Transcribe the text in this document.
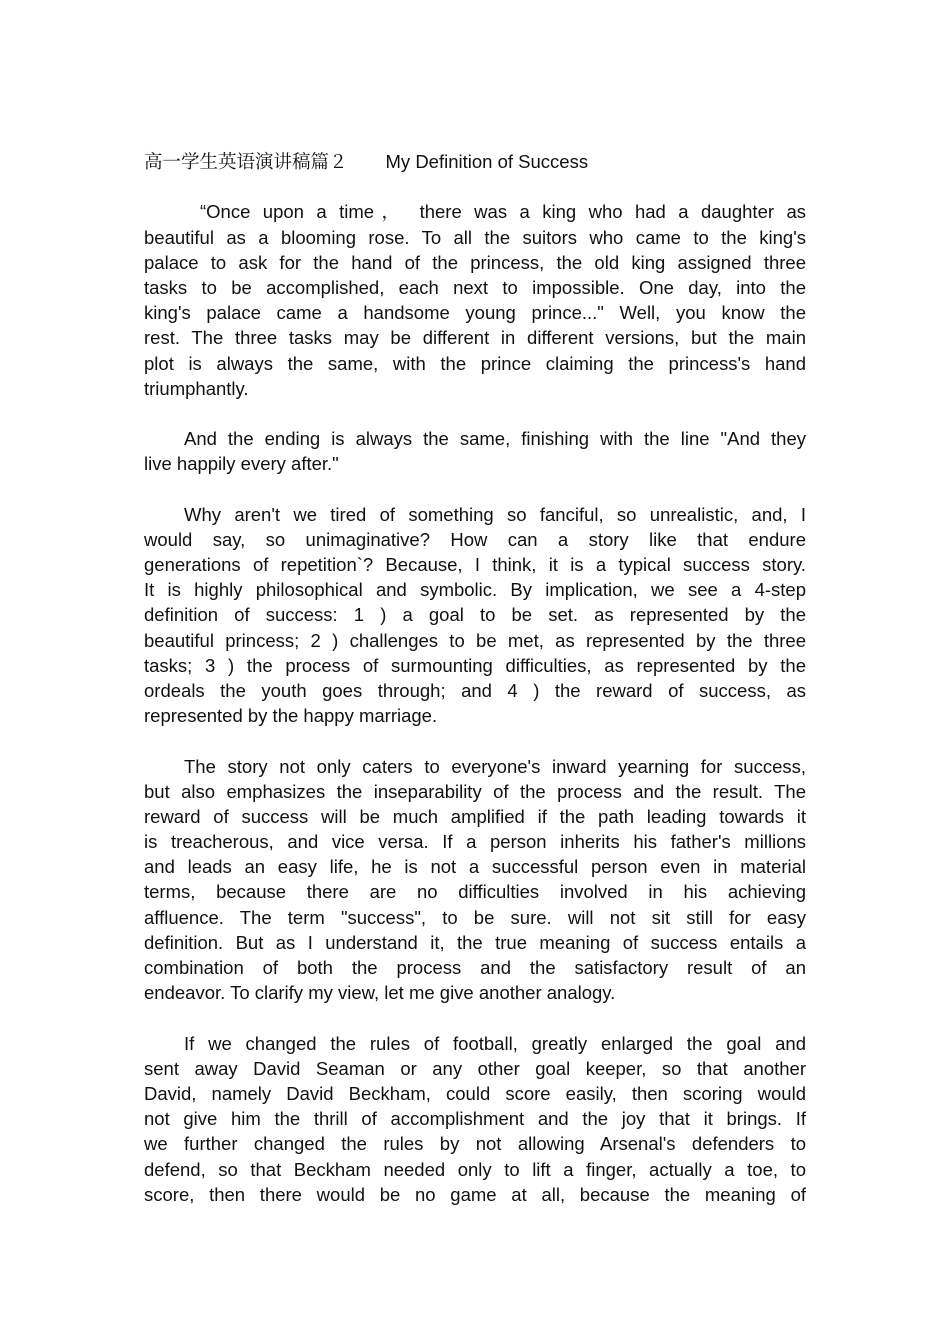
高一学生英语演讲稿篇２ My Definition of Success
“Once upon a time， there was a king who had a daughter as
beautiful as a blooming rose. To all the suitors who came to the king's
palace to ask for the hand of the princess, the old king assigned three
tasks to be accomplished, each next to impossible. One day, into the
king's palace came a handsome young prince..." Well, you know the
rest. The three tasks may be different in different versions, but the main
plot is always the same, with the prince claiming the princess's hand
triumphantly.
And the ending is always the same, finishing with the line "And they
live happily every after."
Why aren't we tired of something so fanciful, so unrealistic, and, I
would say, so unimaginative? How can a story like that endure
generations of repetition`? Because, I think, it is a typical success story.
It is highly philosophical and symbolic. By implication, we see a 4-step
definition of success: 1 ) a goal to be set. as represented by the
beautiful princess; 2 ) challenges to be met, as represented by the three
tasks; 3 ) the process of surmounting difficulties, as represented by the
ordeals the youth goes through; and 4 ) the reward of success, as
represented by the happy marriage.
The story not only caters to everyone's inward yearning for success,
but also emphasizes the inseparability of the process and the result. The
reward of success will be much amplified if the path leading towards it
is treacherous, and vice versa. If a person inherits his father's millions
and leads an easy life, he is not a successful person even in material
terms, because there are no difficulties involved in his achieving
affluence. The term "success", to be sure. will not sit still for easy
definition. But as I understand it, the true meaning of success entails a
combination of both the process and the satisfactory result of an
endeavor. To clarify my view, let me give another analogy.
If we changed the rules of football, greatly enlarged the goal and
sent away David Seaman or any other goal keeper, so that another
David, namely David Beckham, could score easily, then scoring would
not give him the thrill of accomplishment and the joy that it brings. If
we further changed the rules by not allowing Arsenal's defenders to
defend, so that Beckham needed only to lift a finger, actually a toe, to
score, then there would be no game at all, because the meaning of
